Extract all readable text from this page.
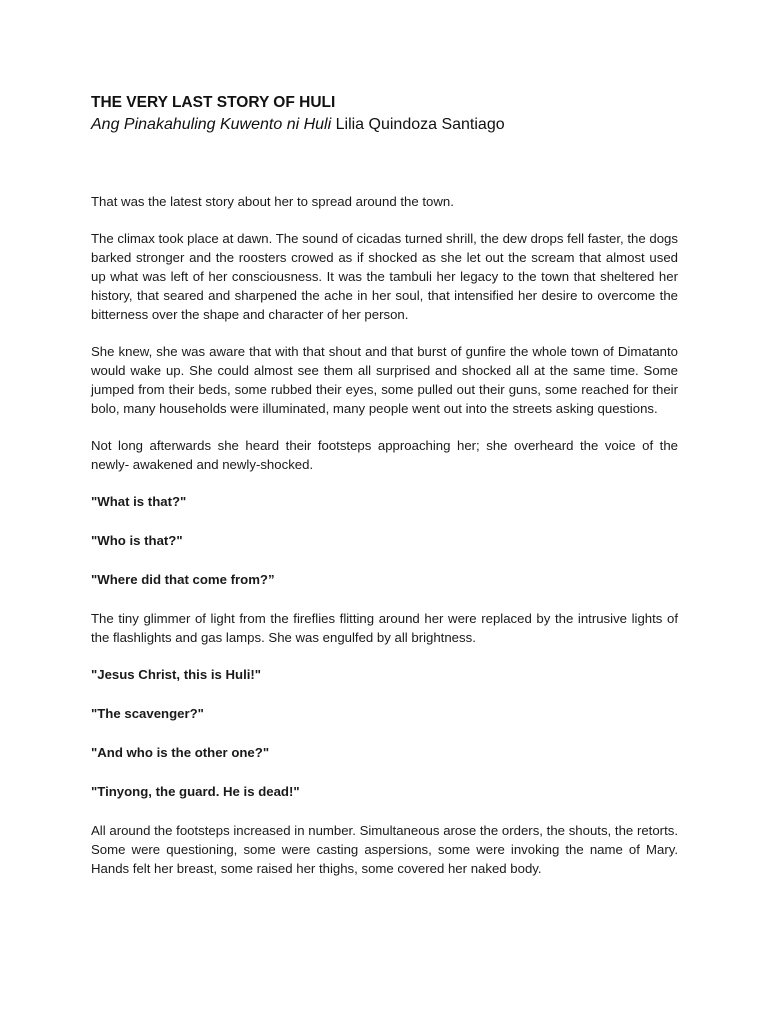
THE VERY LAST STORY OF HULI
Ang Pinakahuling Kuwento ni Huli Lilia Quindoza Santiago

That was the latest story about her to spread around the town.

The climax took place at dawn. The sound of cicadas turned shrill, the dew drops fell faster, the dogs barked stronger and the roosters crowed as if shocked as she let out the scream that almost used up what was left of her consciousness. It was the tambuli her legacy to the town that sheltered her history, that seared and sharpened the ache in her soul, that intensified her desire to overcome the bitterness over the shape and character of her person.

She knew, she was aware that with that shout and that burst of gunfire the whole town of Dimatanto would wake up. She could almost see them all surprised and shocked all at the same time. Some jumped from their beds, some rubbed their eyes, some pulled out their guns, some reached for their bolo, many households were illuminated, many people went out into the streets asking questions.

Not long afterwards she heard their footsteps approaching her; she overheard the voice of the newly- awakened and newly-shocked.

"What is that?"

"Who is that?"

"Where did that come from?”

The tiny glimmer of light from the fireflies flitting around her were replaced by the intrusive lights of the flashlights and gas lamps. She was engulfed by all brightness.

"Jesus Christ, this is Huli!"

"The scavenger?"

"And who is the other one?"

"Tinyong, the guard. He is dead!"

All around the footsteps increased in number. Simultaneous arose the orders, the shouts, the retorts. Some were questioning, some were casting aspersions, some were invoking the name of Mary. Hands felt her breast, some raised her thighs, some covered her naked body.
